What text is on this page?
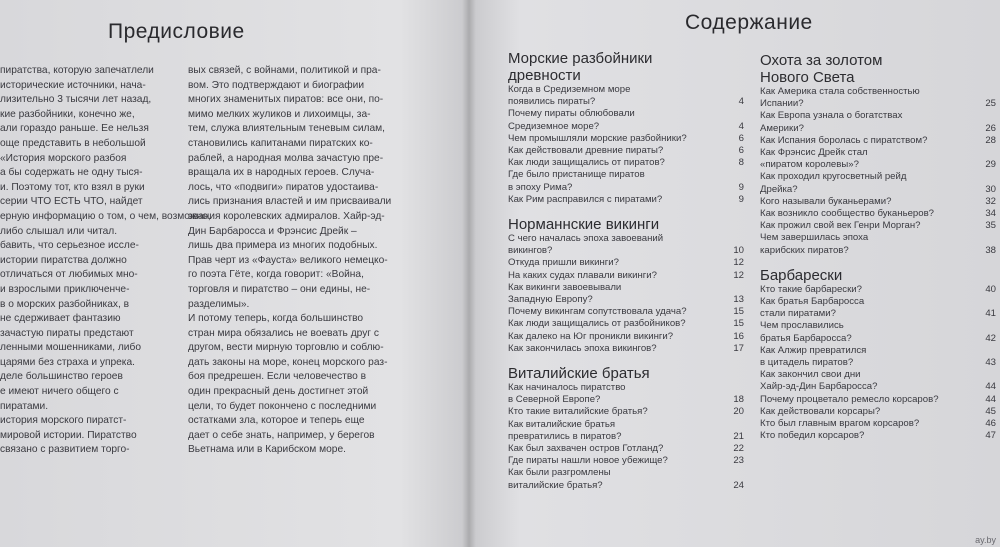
Предисловие
пиратства, которую запечатлели
исторические источники, нача-
лизительно 3 тысячи лет назад,
кие разбойники, конечно же,
али гораздо раньше. Ее нельзя
още представить в небольшой
«История морского разбоя
а бы содержать не одну тыся-
и. Поэтому тот, кто взял в руки
серии ЧТО ЕСТЬ ЧТО, найдет
ерную информацию о том, о чем, возможно,
либо слышал или читал.
бавить, что серьезное иссле-
истории пиратства должно
отличаться от любимых мно-
и взрослыми приключенче-
в о морских разбойниках, в
не сдерживает фантазию
зачастую пираты предстают
ленными мошенниками, либо
царями без страха и упрека.
деле большинство героев
е имеют ничего общего с
пиратами.
история морского пиратст-
мировой истории. Пиратство
связано с развитием торго-
вых связей, с войнами, политикой и пра-
вом. Это подтверждают и биографии
многих знаменитых пиратов: все они, по-
мимо мелких жуликов и лихоимцы, за-
тем, служа влиятельным теневым силам,
становились капитанами пиратских ко-
раблей, а народная молва зачастую пре-
вращала их в народных героев. Случа-
лось, что «подвиги» пиратов удостаива-
лись признания властей и им присваивали
звания королевских адмиралов. Хайр-эд-
Дин Барбаросса и Фрэнсис Дрейк –
лишь два примера из многих подобных.
Прав черт из «Фауста» великого немецко-
го поэта Гёте, когда говорит: «Война,
торговля и пиратство – они едины, не-
разделимы».
И потому теперь, когда большинство
стран мира обязались не воевать друг с
другом, вести мирную торговлю и соблю-
дать законы на море, конец морского раз-
боя предрешен. Если человечество в
один прекрасный день достигнет этой
цели, то будет покончено с последними
остатками зла, которое и теперь еще
дает о себе знать, например, у берегов
Вьетнама или в Карибском море.
Содержание
Морские разбойники
древности
Когда в Средиземном море
появились пираты?	4
Почему пираты облюбовали
Средиземное море?	4
Чем промышляли морские разбойники?	6
Как действовали древние пираты?	6
Как люди защищались от пиратов?	8
Где было пристанище пиратов
в эпоху Рима?	9
Как Рим расправился с пиратами?	9
Норманнские викинги
С чего началась эпоха завоеваний
викингов?	10
Откуда пришли викинги?	12
На каких судах плавали викинги?	12
Как викинги завоевывали
Западную Европу?	13
Почему викингам сопутствовала удача?	15
Как люди защищались от разбойников?	15
Как далеко на Юг проникли викинги?	16
Как закончилась эпоха викингов?	17
Виталийские братья
Как начиналось пиратство
в Северной Европе?	18
Кто такие виталийские братья?	20
Как виталийские братья
превратились в пиратов?	21
Как был захвачен остров Готланд?	22
Где пираты нашли новое убежище?	23
Как были разгромлены
виталийские братья?	24
Охота за золотом
Нового Света
Как Америка стала собственностью
Испании?	25
Как Европа узнала о богатствах
Америки?	26
Как Испания боролась с пиратством?	28
Как Фрэнсис Дрейк стал
«пиратом королевы»?	29
Как проходил кругосветный рейд
Дрейка?	30
Кого называли буканьерами?	32
Как возникло сообщество буканьеров?	34
Как прожил свой век Генри Морган?	35
Чем завершилась эпоха
карибских пиратов?	38
Барбарески
Кто такие барбарески?	40
Как братья Барбаросса
стали пиратами?	41
Чем прославились
братья Барбаросса?	42
Как Алжир превратился
в цитадель пиратов?	43
Как закончил свои дни
Хайр-эд-Дин Барбаросса?	44
Почему процветало ремесло корсаров?	44
Как действовали корсары?	45
Кто был главным врагом корсаров?	46
Кто победил корсаров?	47
ay.by
